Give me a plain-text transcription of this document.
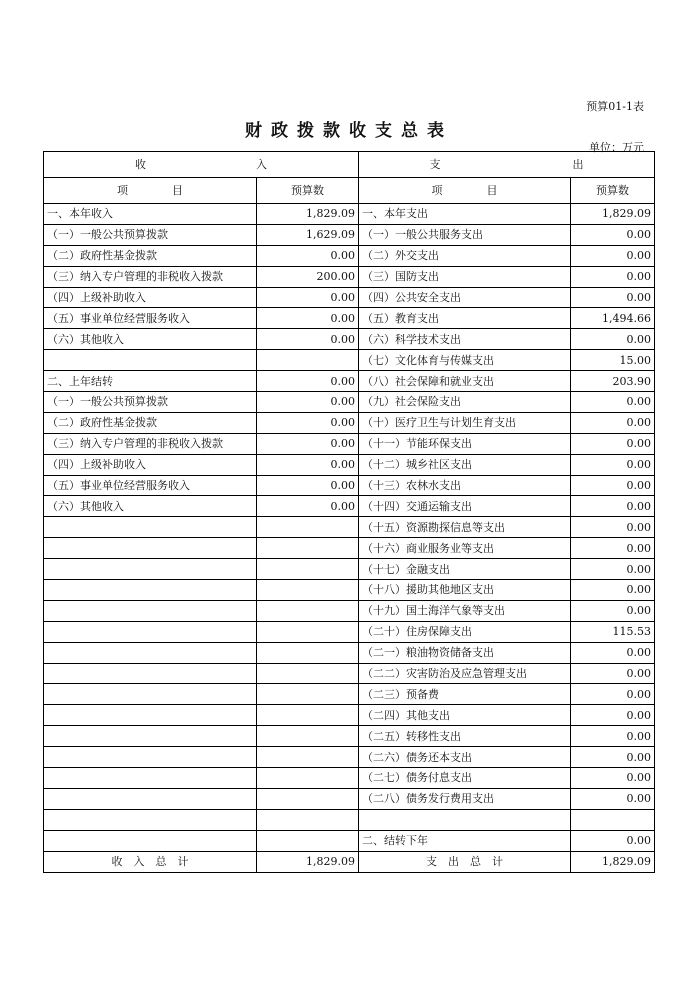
预算01-1表
财政拨款收支总表
单位：万元
收　　　　　　　　　　入		支　　　　　　　　　　　　出	
项　　　　目	预算数	项　　　　目	预算数
一、本年收入	1,829.09	一、本年支出	1,829.09
（一）一般公共预算拨款	1,629.09	（一）一般公共服务支出	0.00
（二）政府性基金拨款	0.00	（二）外交支出	0.00
（三）纳入专户管理的非税收入拨款	200.00	（三）国防支出	0.00
（四）上级补助收入	0.00	（四）公共安全支出	0.00
（五）事业单位经营服务收入	0.00	（五）教育支出	1,494.66
（六）其他收入	0.00	（六）科学技术支出	0.00
		（七）文化体育与传媒支出	15.00
二、上年结转	0.00	（八）社会保障和就业支出	203.90
（一）一般公共预算拨款	0.00	（九）社会保险支出	0.00
（二）政府性基金拨款	0.00	（十）医疗卫生与计划生育支出	0.00
（三）纳入专户管理的非税收入拨款	0.00	（十一）节能环保支出	0.00
（四）上级补助收入	0.00	（十二）城乡社区支出	0.00
（五）事业单位经营服务收入	0.00	（十三）农林水支出	0.00
（六）其他收入	0.00	（十四）交通运输支出	0.00
		（十五）资源勘探信息等支出	0.00
		（十六）商业服务业等支出	0.00
		（十七）金融支出	0.00
		（十八）援助其他地区支出	0.00
		（十九）国土海洋气象等支出	0.00
		（二十）住房保障支出	115.53
		（二一）粮油物资储备支出	0.00
		（二二）灾害防治及应急管理支出	0.00
		（二三）预备费	0.00
		（二四）其他支出	0.00
		（二五）转移性支出	0.00
		（二六）债务还本支出	0.00
		（二七）债务付息支出	0.00
		（二八）债务发行费用支出	0.00

		二、结转下年	0.00
收　入　总　计	1,829.09	支　出　总　计	1,829.09
